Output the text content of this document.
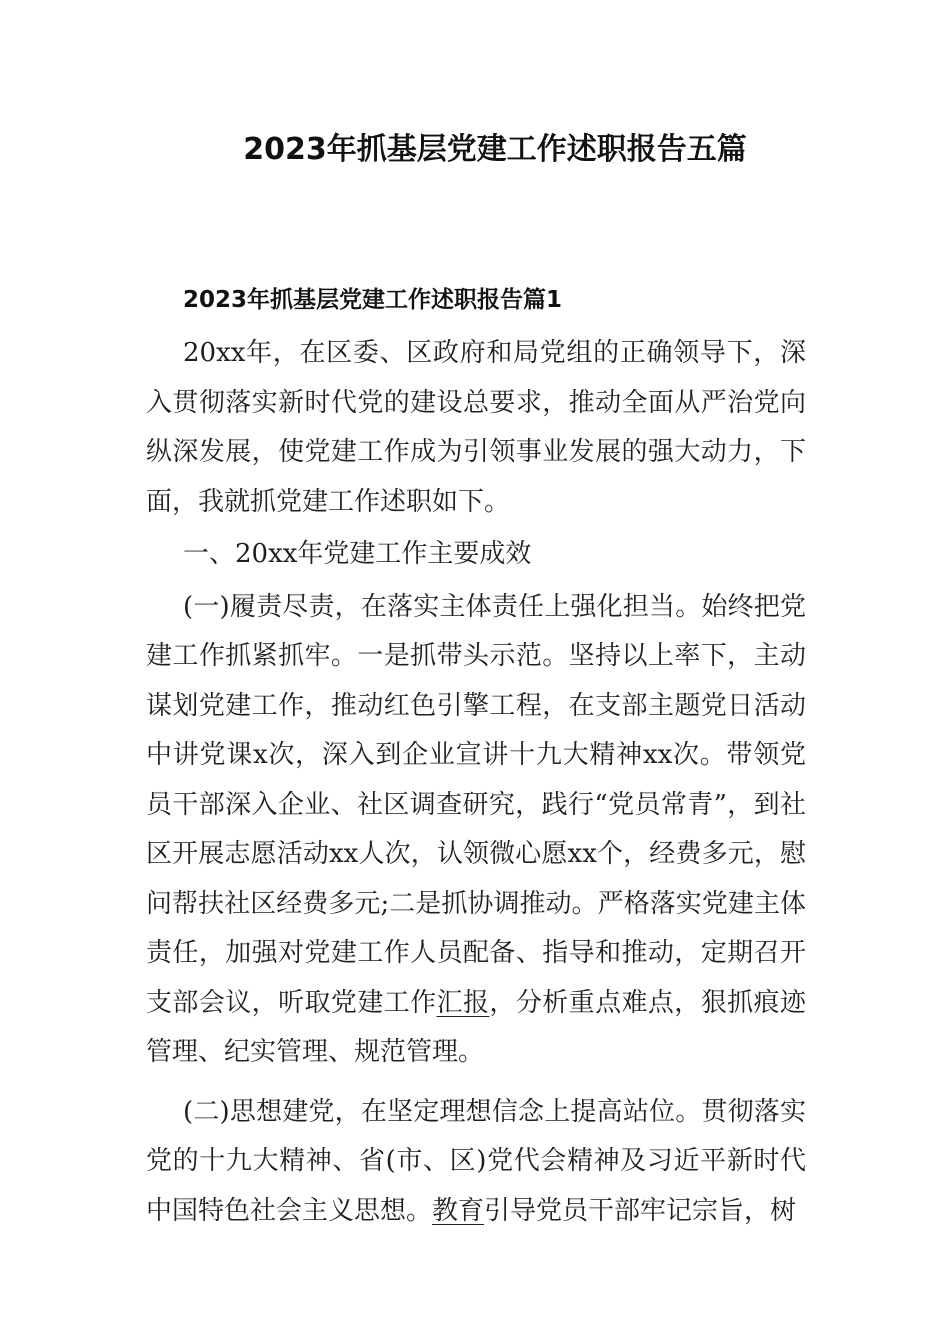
2023年抓基层党建工作述职报告五篇
2023年抓基层党建工作述职报告篇1

20xx年，在区委、区政府和局党组的正确领导下，深入贯彻落实新时代党的建设总要求，推动全面从严治党向纵深发展，使党建工作成为引领事业发展的强大动力，下面，我就抓党建工作述职如下。

一、20xx年党建工作主要成效

(一)履责尽责，在落实主体责任上强化担当。始终把党建工作抓紧抓牢。一是抓带头示范。坚持以上率下，主动谋划党建工作，推动红色引擎工程，在支部主题党日活动中讲党课x次，深入到企业宣讲十九大精神xx次。带领党员干部深入企业、社区调查研究，践行“党员常青”，到社区开展志愿活动xx人次，认领微心愿xx个，经费多元，慰问帮扶社区经费多元;二是抓协调推动。严格落实党建主体责任，加强对党建工作人员配备、指导和推动，定期召开支部会议，听取党建工作汇报，分析重点难点，狠抓痕迹管理、纪实管理、规范管理。

(二)思想建党，在坚定理想信念上提高站位。贯彻落实党的十九大精神、省(市、区)党代会精神及习近平新时代中国特色社会主义思想。教育引导党员干部牢记宗旨，树
